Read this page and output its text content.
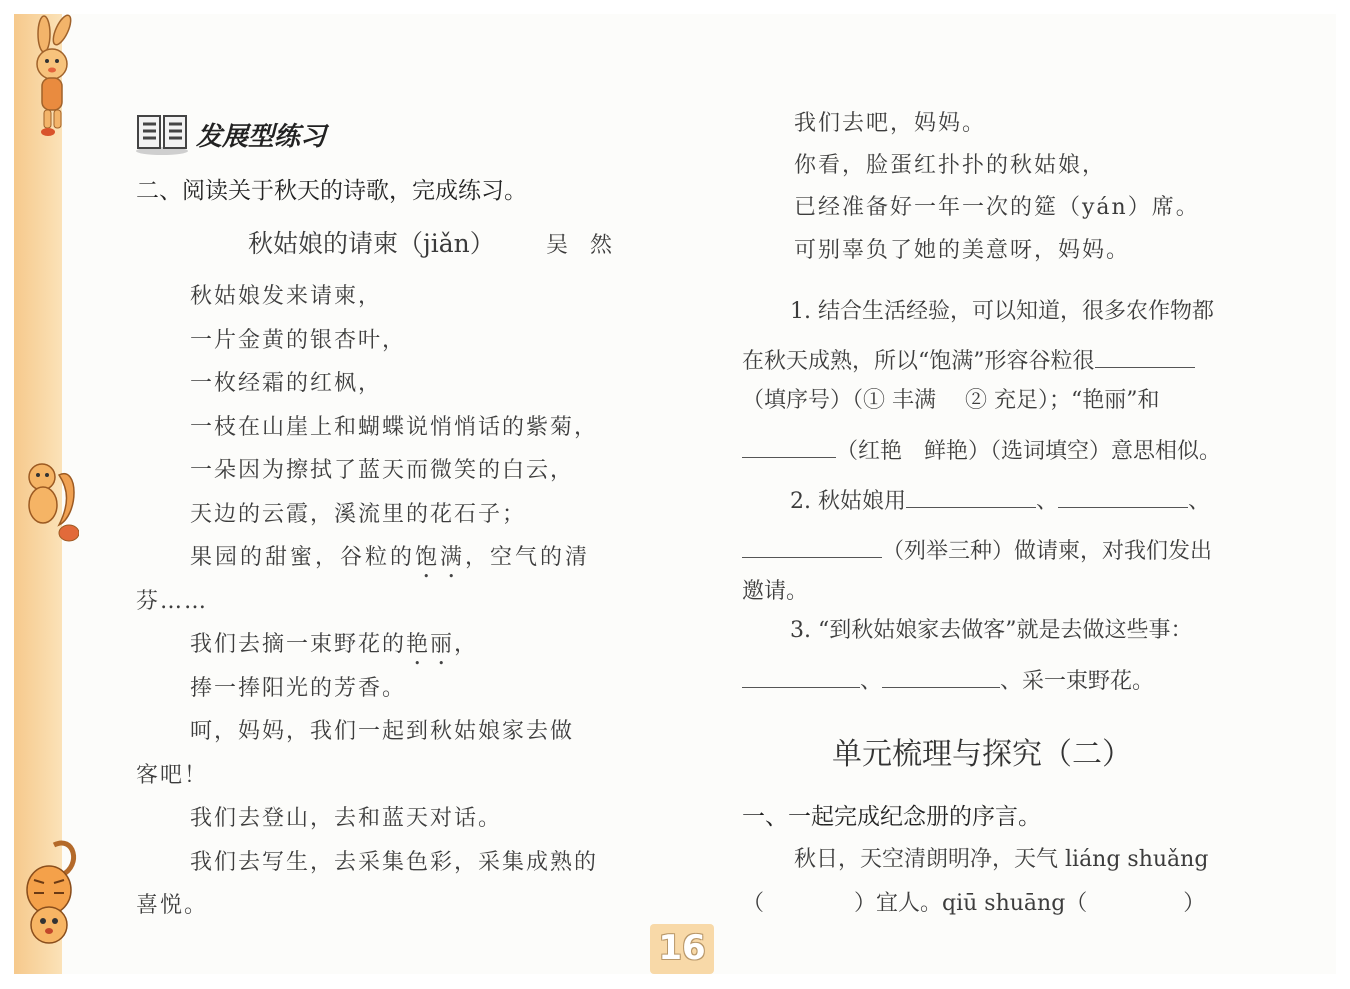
发展型练习
二、阅读关于秋天的诗歌，完成练习。
秋姑娘的请柬（jiǎn） 吴　然
秋姑娘发来请柬，
一片金黄的银杏叶，
一枚经霜的红枫，
一枝在山崖上和蝴蝶说悄悄话的紫菊，
一朵因为擦拭了蓝天而微笑的白云，
天边的云霞，溪流里的花石子；
果园的甜蜜，谷粒的饱满，空气的清
芬……
我们去摘一束野花的艳丽，
捧一捧阳光的芳香。
呵，妈妈，我们一起到秋姑娘家去做
客吧！
我们去登山，去和蓝天对话。
我们去写生，去采集色彩，采集成熟的
喜悦。
我们去吧，妈妈。
你看，脸蛋红扑扑的秋姑娘，
已经准备好一年一次的筵（yán）席。
可别辜负了她的美意呀，妈妈。
1. 结合生活经验，可以知道，很多农作物都
在秋天成熟，所以“饱满”形容谷粒很
（填序号）（① 丰满　 ② 充足）；“艳丽”和
（红艳　鲜艳）（选词填空）意思相似。
2. 秋姑娘用	、	、
（列举三种）做请柬，对我们发出
邀请。
3. “到秋姑娘家去做客”就是去做这些事：
、	、采一束野花。
单元梳理与探究（二）
一、一起完成纪念册的序言。
秋日，天空清朗明净，天气 liáng shuǎng
（	）宜人。qiū shuāng（	）
16
